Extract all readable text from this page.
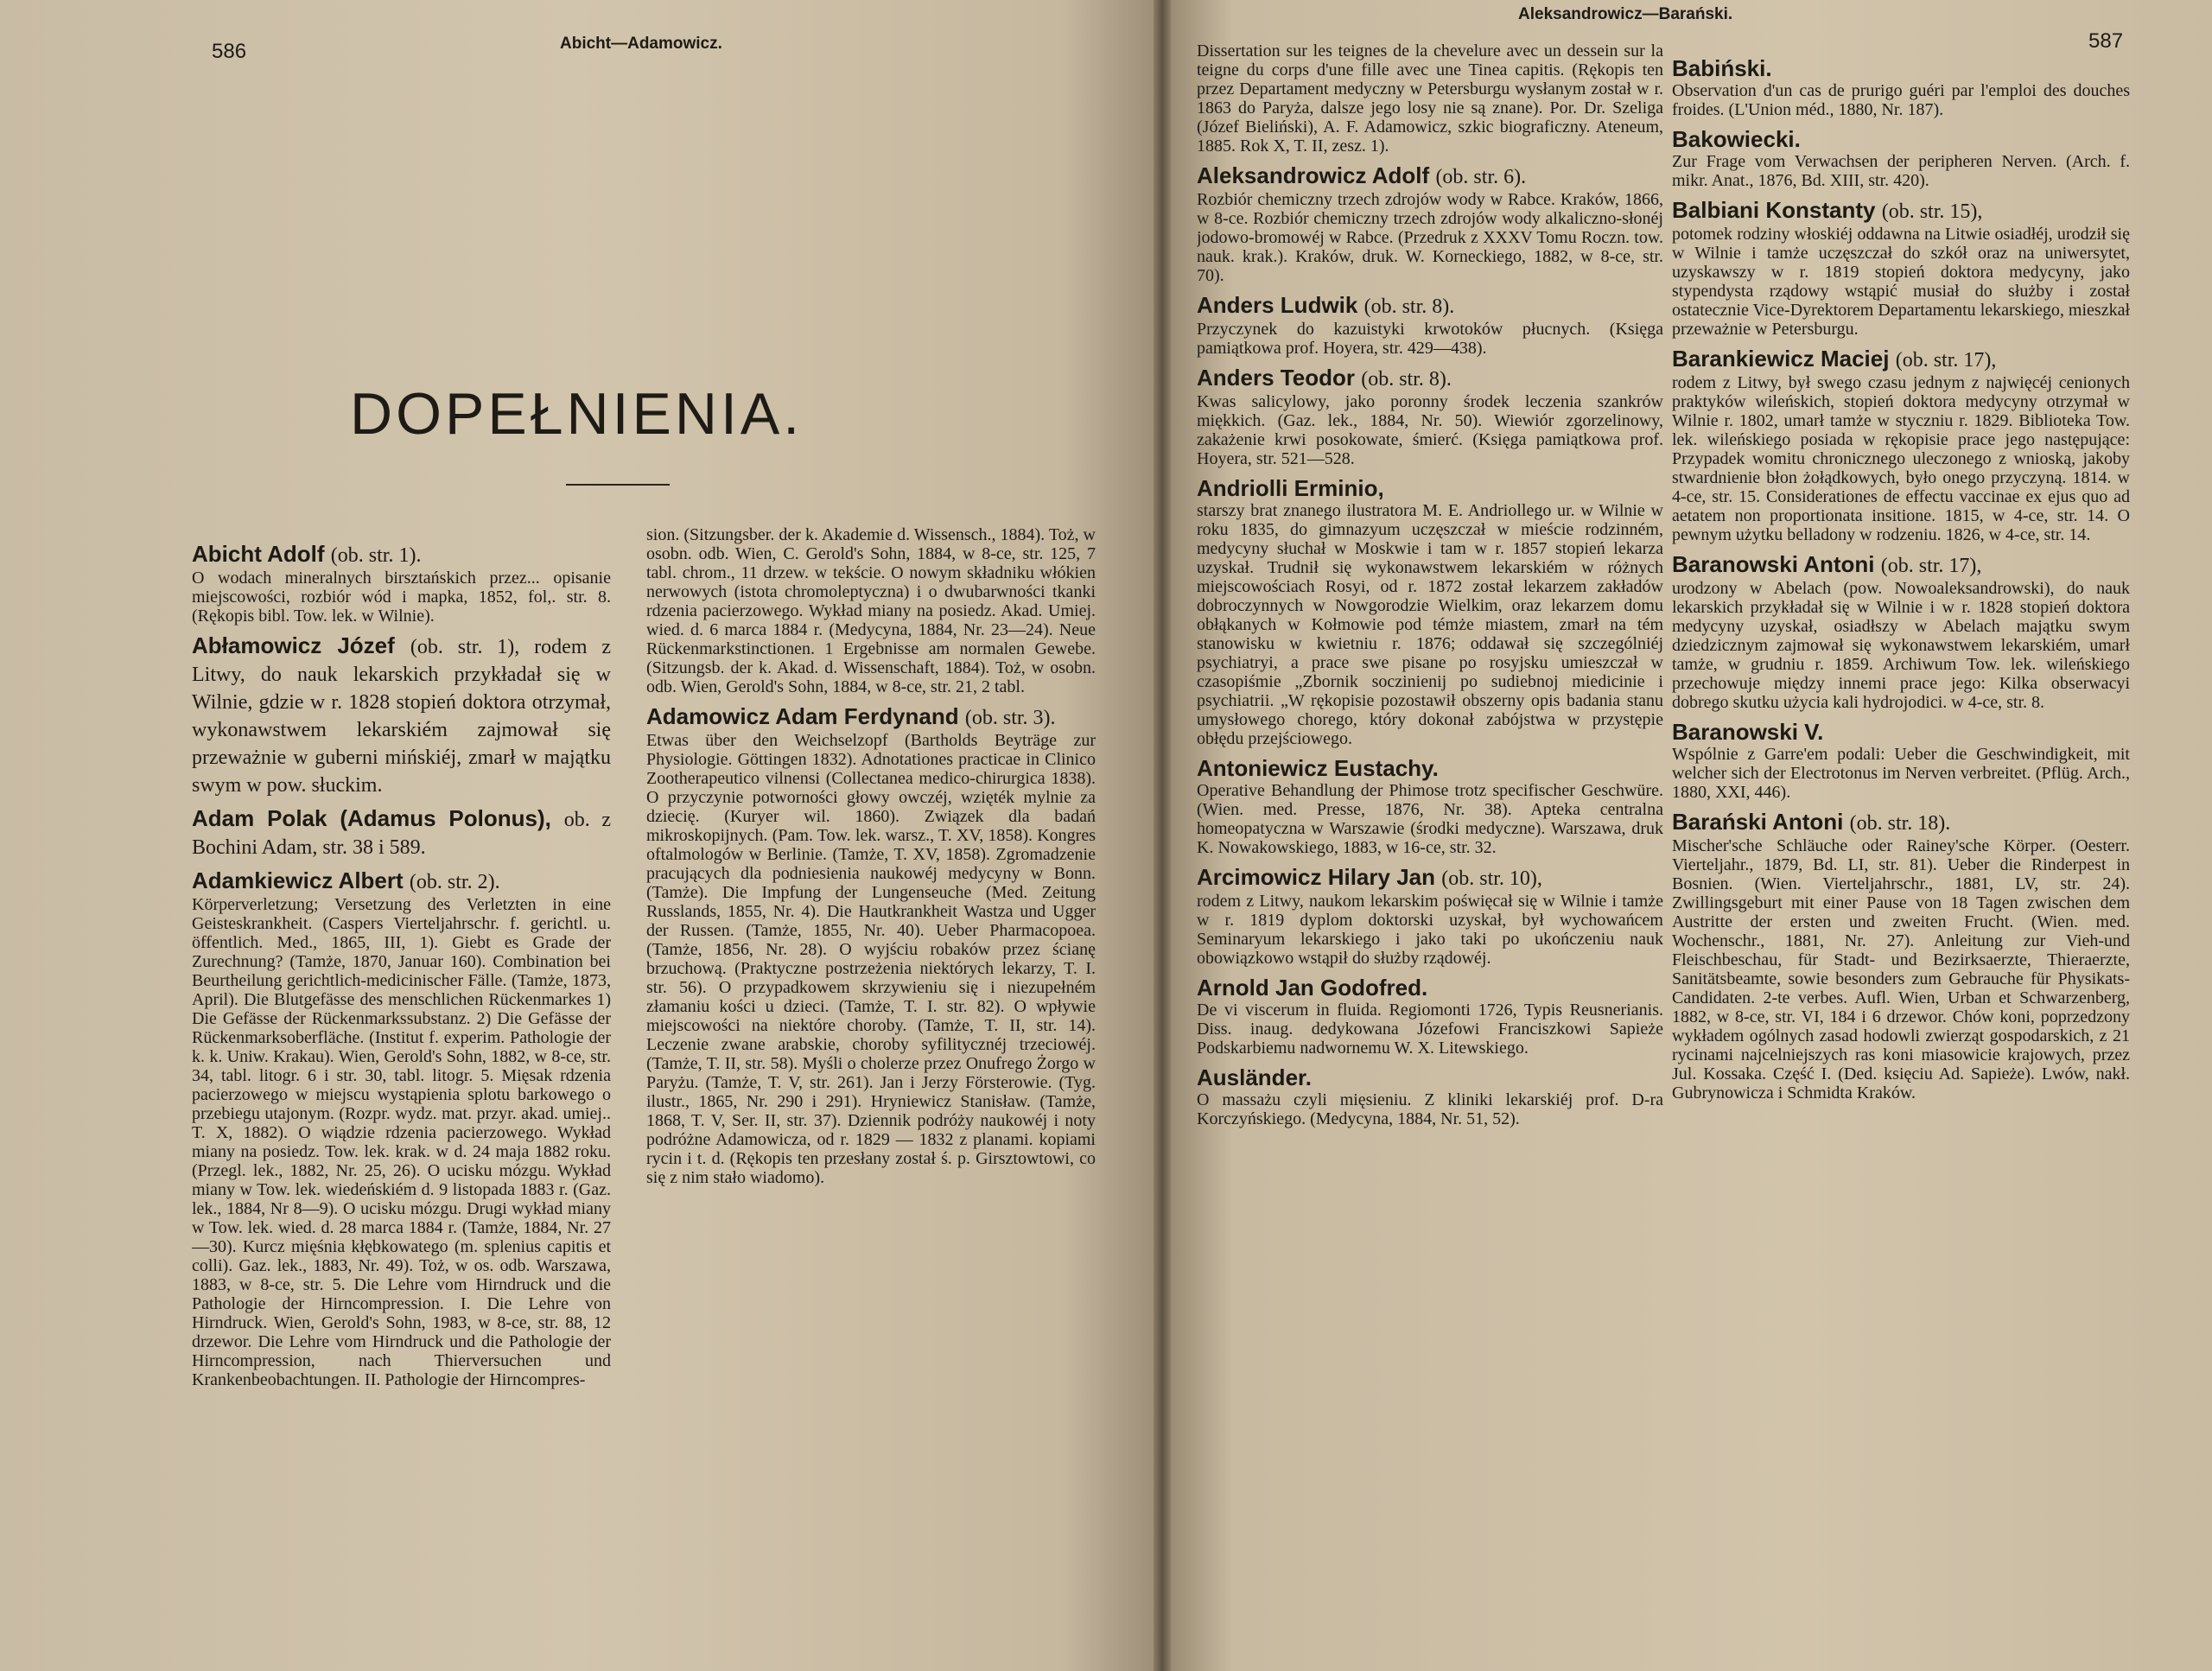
586	Abicht—Adamowicz.
DOPEŁNIENIA.

Abicht Adolf (ob. str. 1).
O wodach mineralnych birsztańskich przez... opisanie miejscowości, rozbiór wód i mapka, 1852, fol,. str. 8. (Rękopis bibl. Tow. lek. w Wilnie).

Abłamowicz Józef (ob. str. 1), rodem z Litwy, do nauk lekarskich przykładał się w Wilnie, gdzie w r. 1828 stopień doktora otrzymał, wykonawstwem lekarskiém zajmował się przeważnie w guberni mińskiéj, zmarł w majątku swym w pow. słuckim.

Adam Polak (Adamus Polonus), ob. z Bochini Adam, str. 38 i 589.

Adamkiewicz Albert (ob. str. 2).
Körperverletzung; Versetzung des Verletzten in eine Geisteskrankheit. (Caspers Vierteljahrschr. f. gerichtl. u. öffentlich. Med., 1865, III, 1). Giebt es Grade der Zurechnung? (Tamże, 1870, Januar 160). Combination bei Beurtheilung gerichtlich-medicinischer Fälle. (Tamże, 1873, April). Die Blutgefässe des menschlichen Rückenmarkes 1) Die Gefässe der Rückenmarkssubstanz. 2) Die Gefässe der Rückenmarksoberfläche. (Institut f. experim. Pathologie der k. k. Uniw. Krakau). Wien, Gerold's Sohn, 1882, w 8-ce, str. 34, tabl. litogr. 6 i str. 30, tabl. litogr. 5. Mięsak rdzenia pacierzowego w miejscu wystąpienia splotu barkowego o przebiegu utajonym. (Rozpr. wydz. mat. przyr. akad. umiej.. T. X, 1882). O wiądzie rdzenia pacierzowego. Wykład miany na posiedz. Tow. lek. krak. w d. 24 maja 1882 roku. (Przegl. lek., 1882, Nr. 25, 26). O ucisku mózgu. Wykład miany w Tow. lek. wiedeńskiém d. 9 listopada 1883 r. (Gaz. lek., 1884, Nr 8—9). O ucisku mózgu. Drugi wykład miany w Tow. lek. wied. d. 28 marca 1884 r. (Tamże, 1884, Nr. 27—30). Kurcz mięśnia kłębkowatego (m. splenius capitis et colli). Gaz. lek., 1883, Nr. 49). Toż, w os. odb. Warszawa, 1883, w 8-ce, str. 5. Die Lehre vom Hirndruck und die Pathologie der Hirncompression. I. Die Lehre von Hirndruck. Wien, Gerold's Sohn, 1983, w 8-ce, str. 88, 12 drzewor. Die Lehre vom Hirndruck und die Pathologie der Hirncompression, nach Thierversuchen und Krankenbeobachtungen. II. Pathologie der Hirncompres-

sion. (Sitzungsber. der k. Akademie d. Wissensch., 1884). Toż, w osobn. odb. Wien, C. Gerold's Sohn, 1884, w 8-ce, str. 125, 7 tabl. chrom., 11 drzew. w tekście. O nowym składniku włókien nerwowych (istota chromoleptyczna) i o dwubarwności tkanki rdzenia pacierzowego. Wykład miany na posiedz. Akad. Umiej. wied. d. 6 marca 1884 r. (Medycyna, 1884, Nr. 23—24). Neue Rückenmarkstinctionen. 1 Ergebnisse am normalen Gewebe. (Sitzungsb. der k. Akad. d. Wissenschaft, 1884). Toż, w osobn. odb. Wien, Gerold's Sohn, 1884, w 8-ce, str. 21, 2 tabl.

Adamowicz Adam Ferdynand (ob. str. 3).
Etwas über den Weichselzopf (Bartholds Beyträge zur Physiologie. Göttingen 1832). Adnotationes practicae in Clinico Zootherapeutico vilnensi (Collectanea medico-chirurgica 1838). O przyczynie potworności głowy owczéj, wzięték mylnie za dziecię. (Kuryer wil. 1860). Związek dla badań mikroskopijnych. (Pam. Tow. lek. warsz., T. XV, 1858). Kongres oftalmologów w Berlinie. (Tamże, T. XV, 1858). Zgromadzenie pracujących dla podniesienia naukowéj medycyny w Bonn. (Tamże). Die Impfung der Lungenseuche (Med. Zeitung Russlands, 1855, Nr. 4). Die Hautkrankheit Wastza und Ugger der Russen. (Tamże, 1855, Nr. 40). Ueber Pharmacopoea. (Tamże, 1856, Nr. 28). O wyjściu robaków przez ścianę brzuchową. (Praktyczne postrzeżenia niektórych lekarzy, T. I. str. 56). O przypadkowem skrzywieniu się i niezupełném złamaniu kości u dzieci. (Tamże, T. I. str. 82). O wpływie miejscowości na niektóre choroby. (Tamże, T. II, str. 14). Leczenie zwane arabskie, choroby syfilitycznéj trzeciowéj. (Tamże, T. II, str. 58). Myśli o cholerze przez Onufrego Żorgo w Paryżu. (Tamże, T. V, str. 261). Jan i Jerzy Försterowie. (Tyg. ilustr., 1865, Nr. 290 i 291). Hryniewicz Stanisław. (Tamże, 1868, T. V, Ser. II, str. 37). Dziennik podróży naukowéj i noty podróżne Adamowicza, od r. 1829 — 1832 z planami. kopiami rycin i t. d. (Rękopis ten przesłany został ś. p. Girsztowtowi, co się z nim stało wiadomo).

Aleksandrowicz—Barański.
587

Dissertation sur les teignes de la chevelure avec un dessein sur la teigne du corps d'une fille avec une Tinea capitis. (Rękopis ten przez Departament medyczny w Petersburgu wysłanym został w r. 1863 do Paryża, dalsze jego losy nie są znane). Por. Dr. Szeliga (Józef Bieliński), A. F. Adamowicz, szkic biograficzny. Ateneum, 1885. Rok X, T. II, zesz. 1).

Aleksandrowicz Adolf (ob. str. 6).
Rozbiór chemiczny trzech zdrojów wody w Rabce. Kraków, 1866, w 8-ce. Rozbiór chemiczny trzech zdrojów wody alkaliczno-słonéj jodowo-bromowéj w Rabce. (Przedruk z XXXV Tomu Roczn. tow. nauk. krak.). Kraków, druk. W. Korneckiego, 1882, w 8-ce, str. 70).

Anders Ludwik (ob. str. 8).
Przyczynek do kazuistyki krwotoków płucnych. (Księga pamiątkowa prof. Hoyera, str. 429—438).

Anders Teodor (ob. str. 8).
Kwas salicylowy, jako poronny środek leczenia szankrów miękkich. (Gaz. lek., 1884, Nr. 50). Wiewiór zgorzelinowy, zakażenie krwi posokowate, śmierć. (Księga pamiątkowa prof. Hoyera, str. 521—528.

Andriolli Erminio,
starszy brat znanego ilustratora M. E. Andriollego ur. w Wilnie w roku 1835, do gimnazyum uczęszczał w mieście rodzinném, medycyny słuchał w Moskwie i tam w r. 1857 stopień lekarza uzyskał. Trudnił się wykonawstwem lekarskiém w różnych miejscowościach Rosyi, od r. 1872 został lekarzem zakładów dobroczynnych w Nowgorodzie Wielkim, oraz lekarzem domu obłąkanych w Kołmowie pod témże miastem, zmarł na tém stanowisku w kwietniu r. 1876; oddawał się szczególniéj psychiatryi, a prace swe pisane po rosyjsku umieszczał w czasopiśmie „Zbornik soczinienij po sudiebnoj miedicinie i psychiatrii. „W rękopisie pozostawił obszerny opis badania stanu umysłowego chorego, który dokonał zabójstwa w przystępie obłędu przejściowego.

Antoniewicz Eustachy.
Operative Behandlung der Phimose trotz specifischer Geschwüre. (Wien. med. Presse, 1876, Nr. 38). Apteka centralna homeopatyczna w Warszawie (środki medyczne). Warszawa, druk K. Nowakowskiego, 1883, w 16-ce, str. 32.

Arcimowicz Hilary Jan (ob. str. 10),
rodem z Litwy, naukom lekarskim poświęcał się w Wilnie i tamże w r. 1819 dyplom doktorski uzyskał, był wychowańcem Seminaryum lekarskiego i jako taki po ukończeniu nauk obowiązkowo wstąpił do służby rządowéj.

Arnold Jan Godofred.
De vi viscerum in fluida. Regiomonti 1726, Typis Reusnerianis. Diss. inaug. dedykowana Józefowi Franciszkowi Sapieże Podskarbiemu nadwornemu W. X. Litewskiego.

Ausländer.
O massażu czyli mięsieniu. Z kliniki lekarskiéj prof. D-ra Korczyńskiego. (Medycyna, 1884, Nr. 51, 52).

Babiński.
Observation d'un cas de prurigo guéri par l'emploi des douches froides. (L'Union méd., 1880, Nr. 187).

Bakowiecki.
Zur Frage vom Verwachsen der peripheren Nerven. (Arch. f. mikr. Anat., 1876, Bd. XIII, str. 420).

Balbiani Konstanty (ob. str. 15),
potomek rodziny włoskiéj oddawna na Litwie osiadłéj, urodził się w Wilnie i tamże uczęszczał do szkół oraz na uniwersytet, uzyskawszy w r. 1819 stopień doktora medycyny, jako stypendysta rządowy wstąpić musiał do służby i został ostatecznie Vice-Dyrektorem Departamentu lekarskiego, mieszkał przeważnie w Petersburgu.

Barankiewicz Maciej (ob. str. 17),
rodem z Litwy, był swego czasu jednym z najwięcéj cenionych praktyków wileńskich, stopień doktora medycyny otrzymał w Wilnie r. 1802, umarł tamże w styczniu r. 1829. Biblioteka Tow. lek. wileńskiego posiada w rękopisie prace jego następujące: Przypadek womitu chronicznego uleczonego z wnioską, jakoby stwardnienie błon żołądkowych, było onego przyczyną. 1814. w 4-ce, str. 15. Considerationes de effectu vaccinae ex ejus quo ad aetatem non proportionata insitione. 1815, w 4-ce, str. 14. O pewnym użytku belladony w rodzeniu. 1826, w 4-ce, str. 14.

Baranowski Antoni (ob. str. 17),
urodzony w Abelach (pow. Nowoaleksandrowski), do nauk lekarskich przykładał się w Wilnie i w r. 1828 stopień doktora medycyny uzyskał, osiadłszy w Abelach majątku swym dziedzicznym zajmował się wykonawstwem lekarskiém, umarł tamże, w grudniu r. 1859. Archiwum Tow. lek. wileńskiego przechowuje między innemi prace jego: Kilka obserwacyi dobrego skutku użycia kali hydrojodici. w 4-ce, str. 8.

Baranowski V.
Wspólnie z Garre'em podali: Ueber die Geschwindigkeit, mit welcher sich der Electrotonus im Nerven verbreitet. (Pflüg. Arch., 1880, XXI, 446).

Barański Antoni (ob. str. 18).
Mischer'sche Schläuche oder Rainey'sche Körper. (Oesterr. Vierteljahr., 1879, Bd. LI, str. 81). Ueber die Rinderpest in Bosnien. (Wien. Vierteljahrschr., 1881, LV, str. 24). Zwillingsgeburt mit einer Pause von 18 Tagen zwischen dem Austritte der ersten und zweiten Frucht. (Wien. med. Wochenschr., 1881, Nr. 27). Anleitung zur Vieh-und Fleischbeschau, für Stadt- und Bezirksaerzte, Thieraerzte, Sanitätsbeamte, sowie besonders zum Gebrauche für Physikats-Candidaten. 2-te verbes. Aufl. Wien, Urban et Schwarzenberg, 1882, w 8-ce, str. VI, 184 i 6 drzewor. Chów koni, poprzedzony wykładem ogólnych zasad hodowli zwierząt gospodarskich, z 21 rycinami najcelniejszych ras koni miasowicie krajowych, przez Jul. Kossaka. Część I. (Ded. księciu Ad. Sapieże). Lwów, nakł. Gubrynowicza i Schmidta Kraków.
